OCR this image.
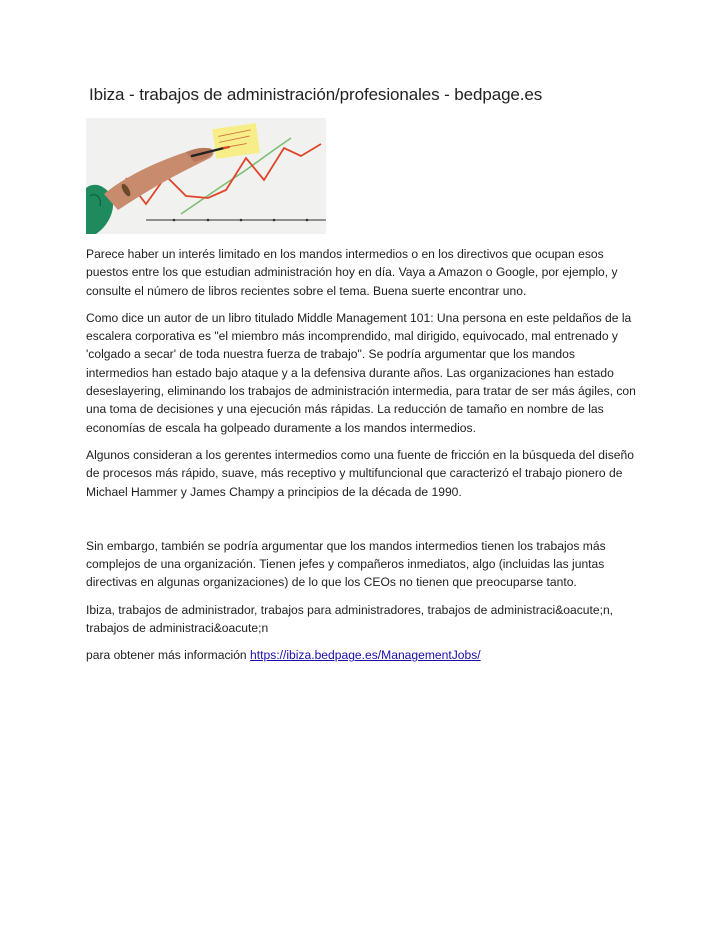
Ibiza - trabajos de administración/profesionales - bedpage.es

Parece haber un interés limitado en los mandos intermedios o en los directivos que ocupan esos puestos entre los que estudian administración hoy en día. Vaya a Amazon o Google, por ejemplo, y consulte el número de libros recientes sobre el tema. Buena suerte encontrar uno.

Como dice un autor de un libro titulado Middle Management 101: Una persona en este peldaños de la escalera corporativa es "el miembro más incomprendido, mal dirigido, equivocado, mal entrenado y 'colgado a secar' de toda nuestra fuerza de trabajo". Se podría argumentar que los mandos intermedios han estado bajo ataque y a la defensiva durante años. Las organizaciones han estado deseslayering, eliminando los trabajos de administración intermedia, para tratar de ser más ágiles, con una toma de decisiones y una ejecución más rápidas. La reducción de tamaño en nombre de las economías de escala ha golpeado duramente a los mandos intermedios.

Algunos consideran a los gerentes intermedios como una fuente de fricción en la búsqueda del diseño de procesos más rápido, suave, más receptivo y multifuncional que caracterizó el trabajo pionero de Michael Hammer y James Champy a principios de la década de 1990.

Sin embargo, también se podría argumentar que los mandos intermedios tienen los trabajos más complejos de una organización. Tienen jefes y compañeros inmediatos, algo (incluidas las juntas directivas en algunas organizaciones) de lo que los CEOs no tienen que preocuparse tanto.

Ibiza, trabajos de administrador, trabajos para administradores, trabajos de administraci&oacute;n, trabajos de administraci&oacute;n

para obtener más información https://ibiza.bedpage.es/ManagementJobs/
